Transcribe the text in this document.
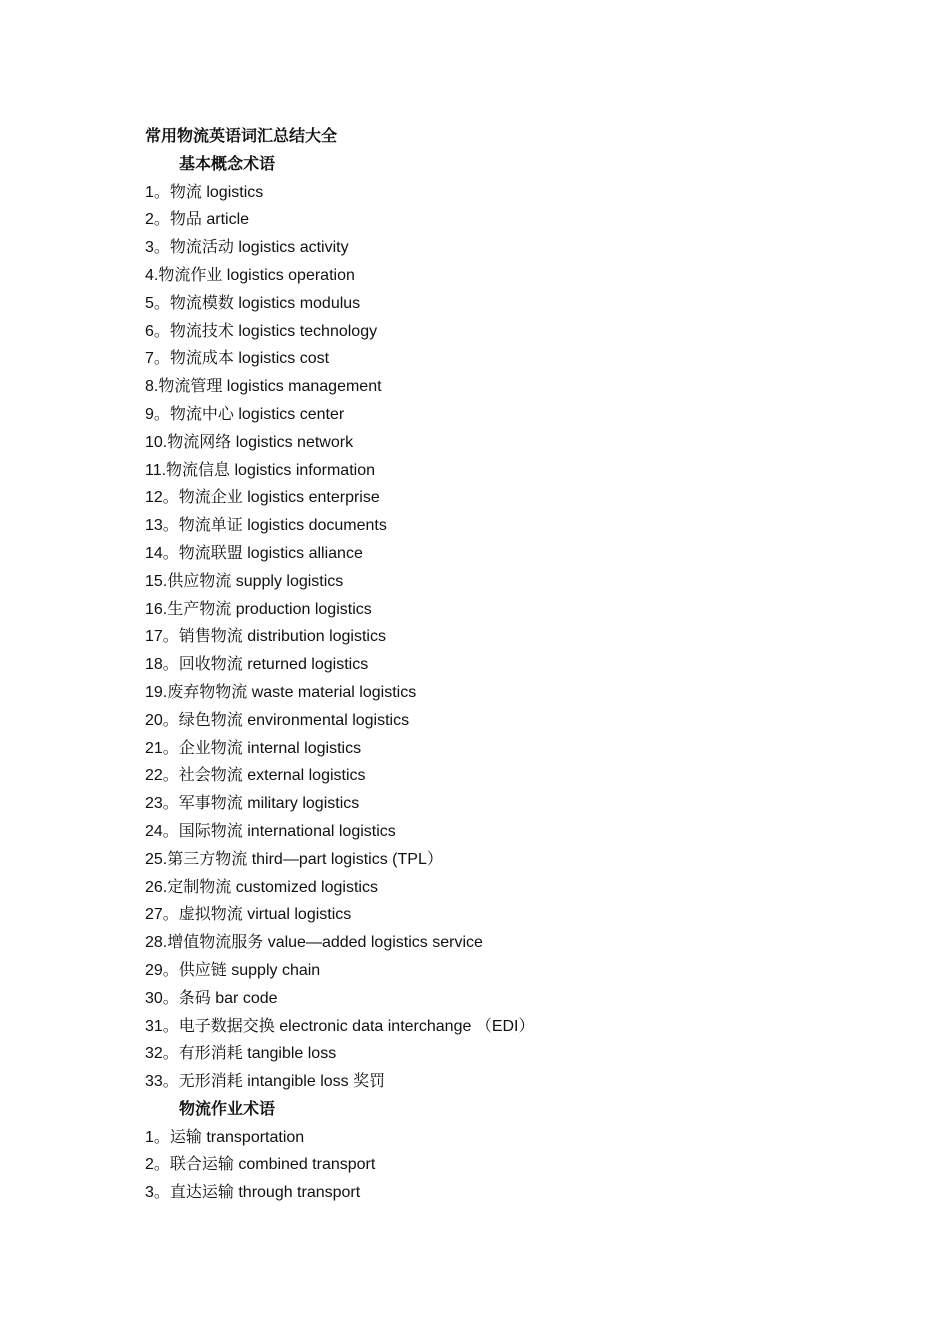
常用物流英语词汇总结大全
基本概念术语
1。物流 logistics
2。物品 article
3。物流活动 logistics activity
4.物流作业 logistics operation
5。物流模数 logistics modulus
6。物流技术 logistics technology
7。物流成本 logistics cost
8.物流管理 logistics management
9。物流中心 logistics center
10.物流网络 logistics network
11.物流信息 logistics information
12。物流企业 logistics enterprise
13。物流单证 logistics documents
14。物流联盟 logistics alliance
15.供应物流 supply logistics
16.生产物流 production logistics
17。销售物流 distribution logistics
18。回收物流 returned logistics
19.废弃物物流 waste material logistics
20。绿色物流 environmental logistics
21。企业物流 internal logistics
22。社会物流 external logistics
23。军事物流 military logistics
24。国际物流 international logistics
25.第三方物流 third—part logistics (TPL）
26.定制物流 customized logistics
27。虚拟物流 virtual logistics
28.增值物流服务 value—added logistics service
29。供应链 supply chain
30。条码 bar code
31。电子数据交换 electronic data interchange （EDI）
32。有形消耗 tangible loss
33。无形消耗 intangible loss 奖罚
物流作业术语
1。运输 transportation
2。联合运输 combined transport
3。直达运输 through transport
